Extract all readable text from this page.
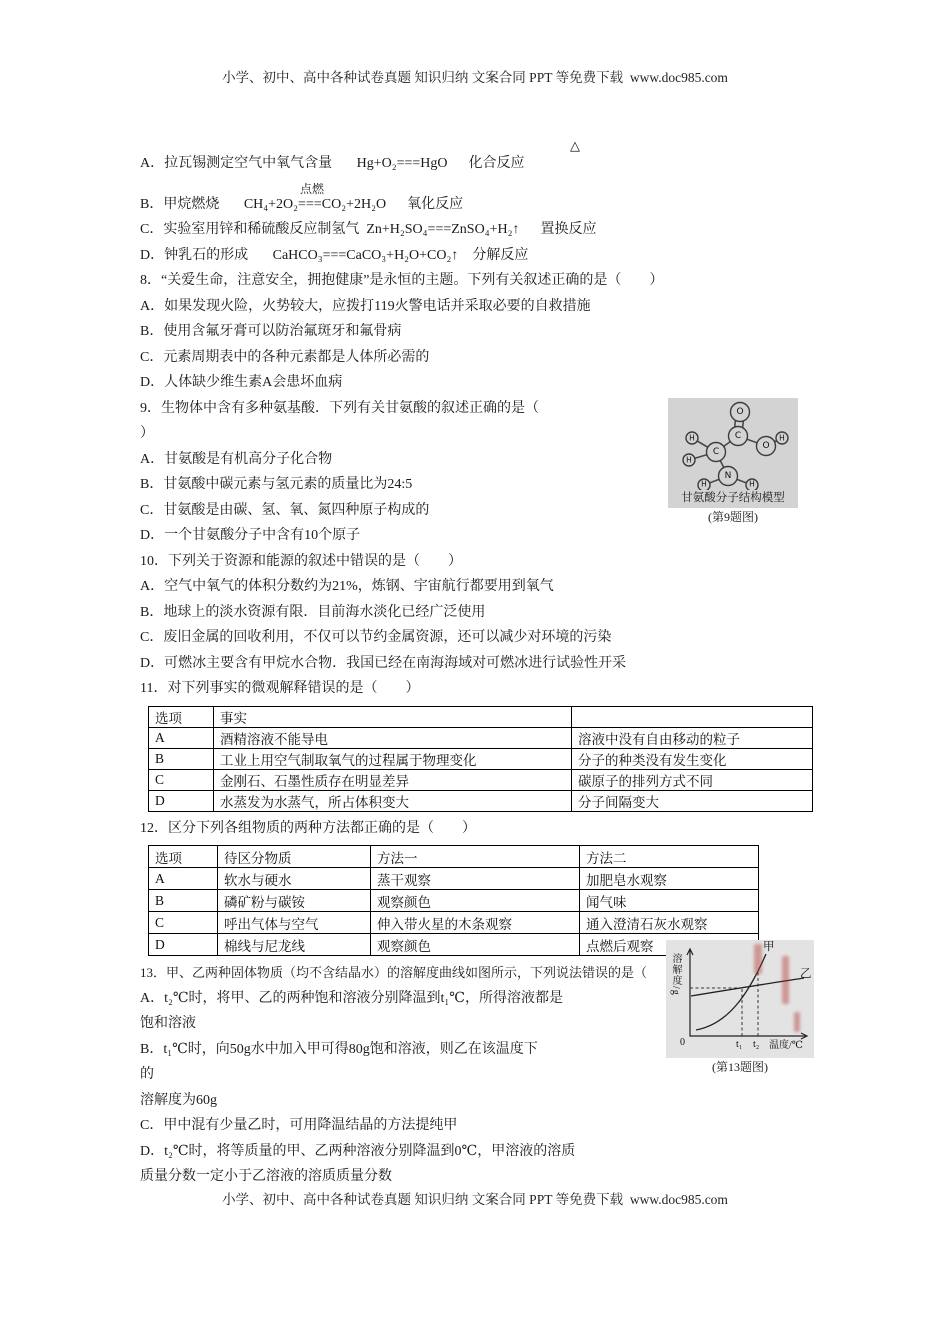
小学、初中、高中各种试卷真题 知识归纳 文案合同 PPT 等免费下载  www.doc985.com
△
点燃
A．拉瓦锡测定空气中氧气含量       Hg+O₂===HgO      化合反应
B．甲烷燃烧       CH₄+2O₂===CO₂+2H₂O      氧化反应
C．实验室用锌和稀硫酸反应制氢气  Zn+H₂SO₄===ZnSO₄+H₂↑      置换反应
D．钟乳石的形成       CaHCO₃===CaCO₃+H₂O+CO₂↑    分解反应
8．“关爱生命，注意安全，拥抱健康”是永恒的主题。下列有关叙述正确的是（　　）
A．如果发现火险，火势较大，应拨打119火警电话并采取必要的自救措施
B．使用含氟牙膏可以防治氟斑牙和氟骨病
C．元素周期表中的各种元素都是人体所必需的
D．人体缺少维生素A会患坏血病
9．生物体中含有多种氨基酸．下列有关甘氨酸的叙述正确的是（
）
A．甘氨酸是有机高分子化合物
B．甘氨酸中碳元素与氢元素的质量比为24:5
C．甘氨酸是由碳、氢、氧、氮四种原子构成的
D．一个甘氨酸分子中含有10个原子
10．下列关于资源和能源的叙述中错误的是（　　）
A．空气中氧气的体积分数约为21%，炼钢、宇宙航行都要用到氧气
B．地球上的淡水资源有限．目前海水淡化已经广泛使用
C．废旧金属的回收利用，不仅可以节约金属资源，还可以减少对环境的污染
D．可燃冰主要含有甲烷水合物．我国已经在南海海域对可燃冰进行试验性开采
11．对下列事实的微观解释错误的是（　　）
选项	事实	
A	酒精溶液不能导电	溶液中没有自由移动的粒子
B	工业上用空气制取氧气的过程属于物理变化	分子的种类没有发生变化
C	金刚石、石墨性质存在明显差异	碳原子的排列方式不同
D	水蒸发为水蒸气，所占体积变大	分子间隔变大
12．区分下列各组物质的两种方法都正确的是（　　）
选项	待区分物质	方法一	方法二
A	软水与硬水	蒸干观察	加肥皂水观察
B	磷矿粉与碳铵	观察颜色	闻气味
C	呼出气体与空气	伸入带火星的木条观察	通入澄清石灰水观察
D	棉线与尼龙线	观察颜色	点燃后观察
13．甲、乙两种固体物质（均不含结晶水）的溶解度曲线如图所示，下列说法错误的是（
A．t₂℃时，将甲、乙的两种饱和溶液分别降温到t₁℃，所得溶液都是
饱和溶液
B．t₁℃时，向50g水中加入甲可得80g饱和溶液，则乙在该温度下
的
溶解度为60g
C．甲中混有少量乙时，可用降温结晶的方法提纯甲
D．t₂℃时，将等质量的甲、乙两种溶液分别降温到0℃，甲溶液的溶质
质量分数一定小于乙溶液的溶质质量分数
O
C
O
H
C
H
H
N
H	H
甘氨酸分子结构模型
(第9题图)
溶解度/g
0	t₁ t₂ 温度/℃
甲
乙
(第13题图)
小学、初中、高中各种试卷真题 知识归纳 文案合同 PPT 等免费下载  www.doc985.com
